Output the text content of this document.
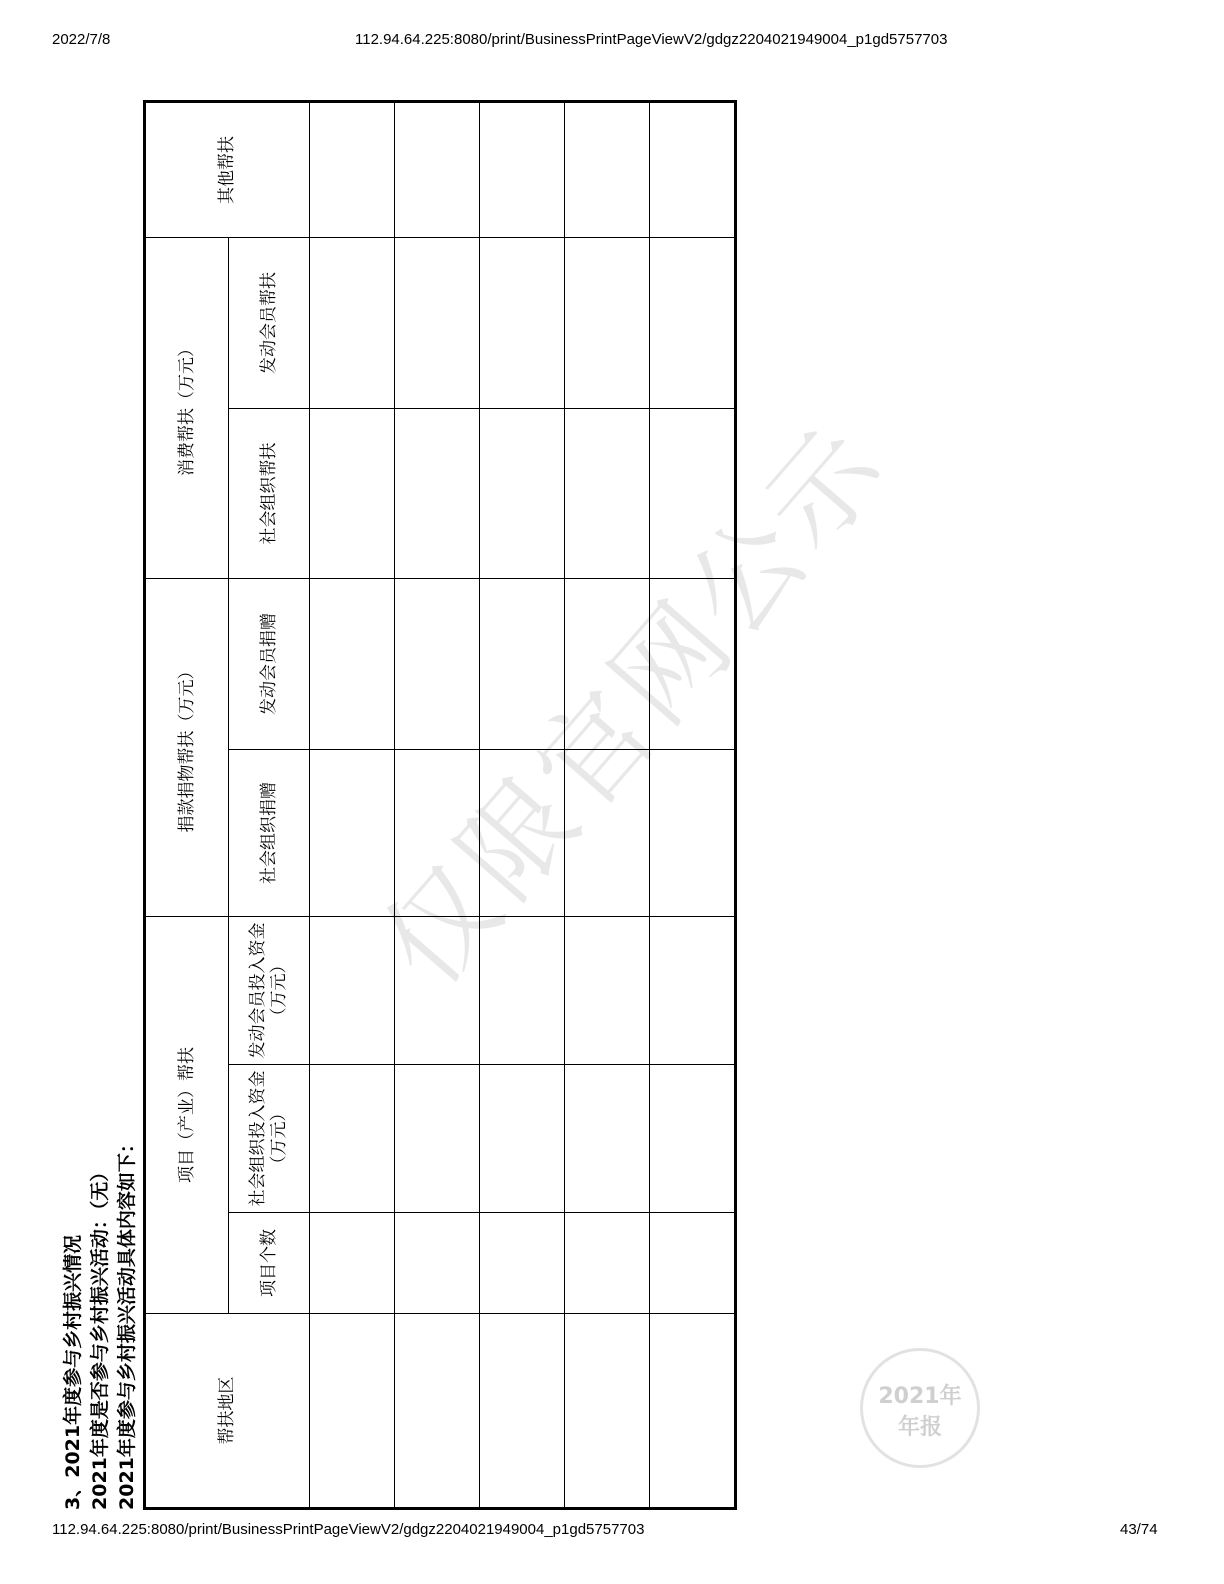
2022/7/8	112.94.64.225:8080/print/BusinessPrintPageViewV2/gdgz2204021949004_p1gd5757703
3、2021年度参与乡村振兴情况 2021年度是否参与乡村振兴活动：（无） 2021年度参与乡村振兴活动具体内容如下：	帮扶地区	项目（产业）帮扶			捐款捐物帮扶（万元）		消费帮扶（万元）		其他帮扶
	项目个数	社会组织投入资金（万元）	发动会员投入资金（万元）	社会组织捐赠	发动会员捐赠	社会组织帮扶	发动会员帮扶	

仅限官网公示
2021年
年报
112.94.64.225:8080/print/BusinessPrintPageViewV2/gdgz2204021949004_p1gd5757703	43/74
